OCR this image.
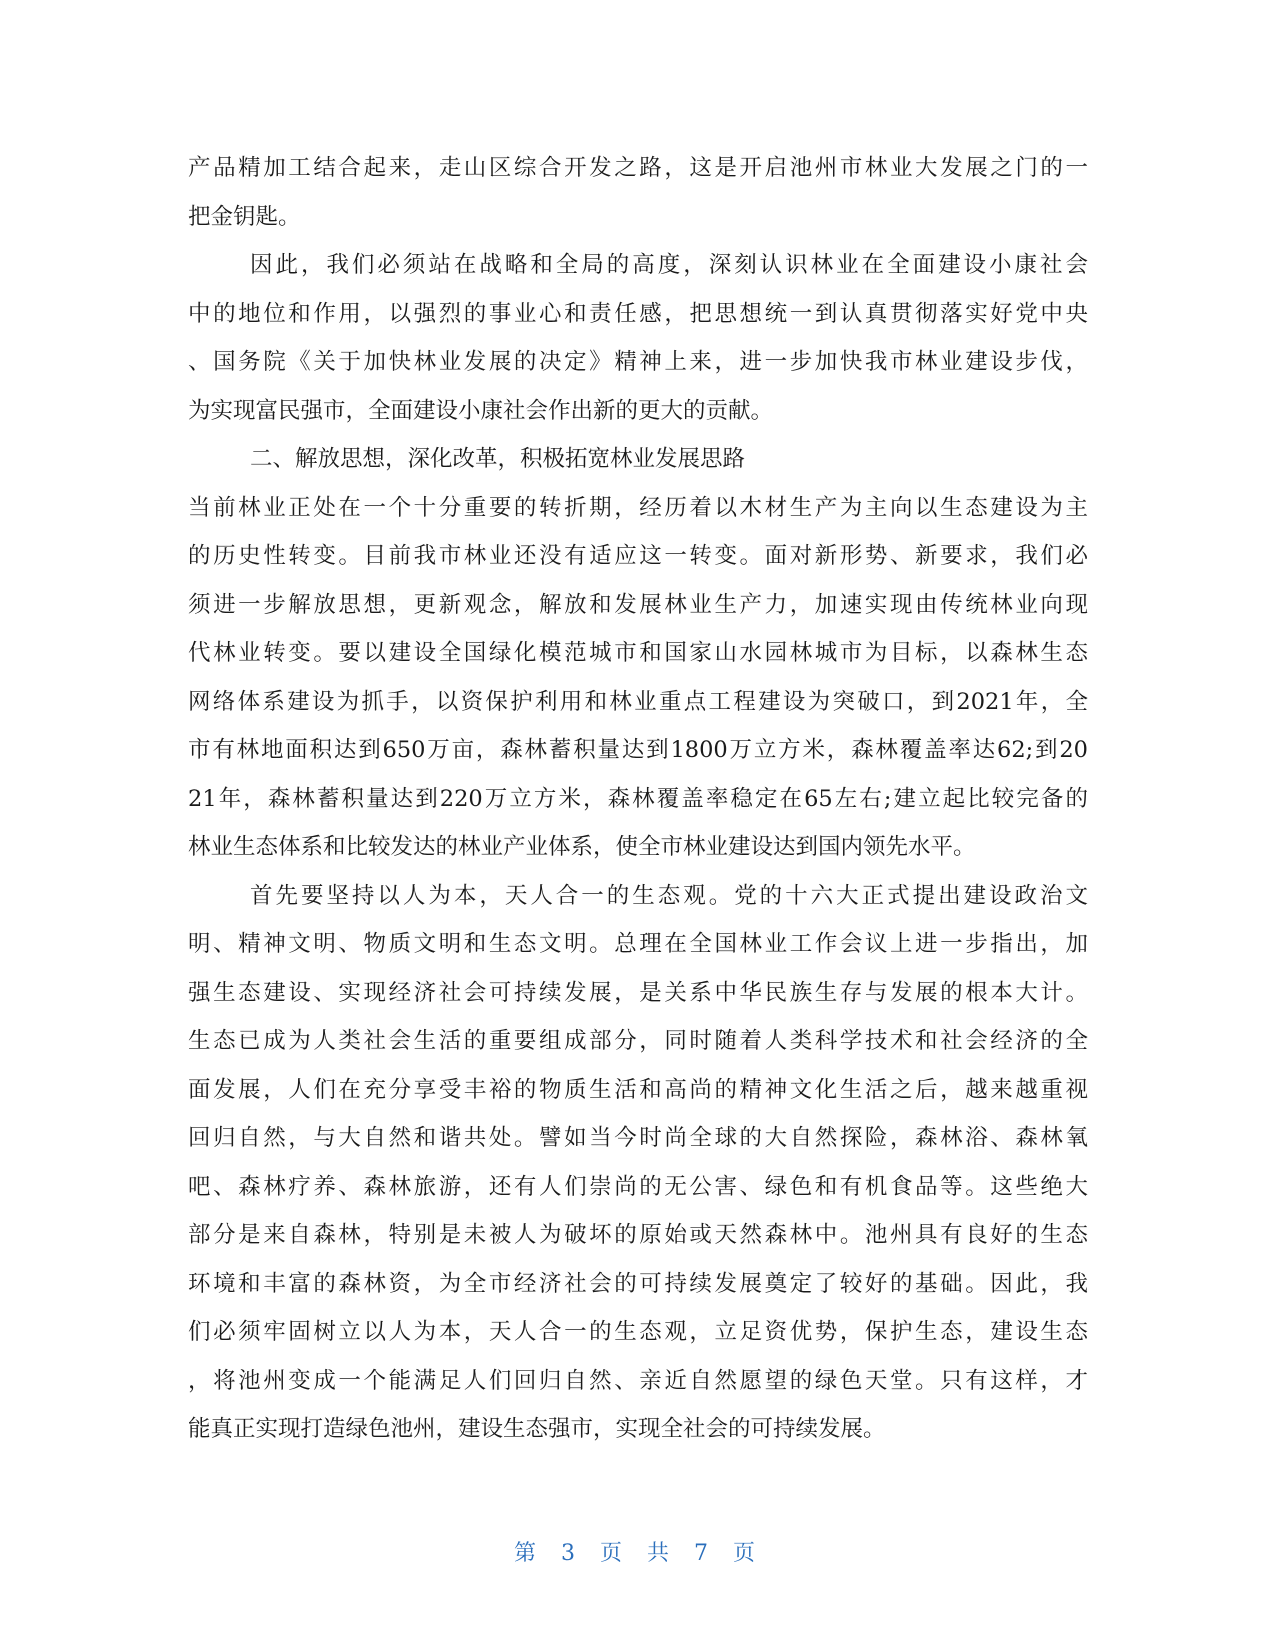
产品精加工结合起来，走山区综合开发之路，这是开启池州市林业大发展之门的一
把金钥匙。
因此，我们必须站在战略和全局的高度，深刻认识林业在全面建设小康社会
中的地位和作用，以强烈的事业心和责任感，把思想统一到认真贯彻落实好党中央
、国务院《关于加快林业发展的决定》精神上来，进一步加快我市林业建设步伐，
为实现富民强市，全面建设小康社会作出新的更大的贡献。
二、解放思想，深化改革，积极拓宽林业发展思路
当前林业正处在一个十分重要的转折期，经历着以木材生产为主向以生态建设为主
的历史性转变。目前我市林业还没有适应这一转变。面对新形势、新要求，我们必
须进一步解放思想，更新观念，解放和发展林业生产力，加速实现由传统林业向现
代林业转变。要以建设全国绿化模范城市和国家山水园林城市为目标，以森林生态
网络体系建设为抓手，以资保护利用和林业重点工程建设为突破口，到2021年，全
市有林地面积达到650万亩，森林蓄积量达到1800万立方米，森林覆盖率达62;到20
21年，森林蓄积量达到220万立方米，森林覆盖率稳定在65左右;建立起比较完备的
林业生态体系和比较发达的林业产业体系，使全市林业建设达到国内领先水平。
首先要坚持以人为本，天人合一的生态观。党的十六大正式提出建设政治文
明、精神文明、物质文明和生态文明。总理在全国林业工作会议上进一步指出，加
强生态建设、实现经济社会可持续发展，是关系中华民族生存与发展的根本大计。
生态已成为人类社会生活的重要组成部分，同时随着人类科学技术和社会经济的全
面发展，人们在充分享受丰裕的物质生活和高尚的精神文化生活之后，越来越重视
回归自然，与大自然和谐共处。譬如当今时尚全球的大自然探险，森林浴、森林氧
吧、森林疗养、森林旅游，还有人们崇尚的无公害、绿色和有机食品等。这些绝大
部分是来自森林，特别是未被人为破坏的原始或天然森林中。池州具有良好的生态
环境和丰富的森林资，为全市经济社会的可持续发展奠定了较好的基础。因此，我
们必须牢固树立以人为本，天人合一的生态观，立足资优势，保护生态，建设生态
，将池州变成一个能满足人们回归自然、亲近自然愿望的绿色天堂。只有这样，才
能真正实现打造绿色池州，建设生态强市，实现全社会的可持续发展。
第 3 页 共 7 页
